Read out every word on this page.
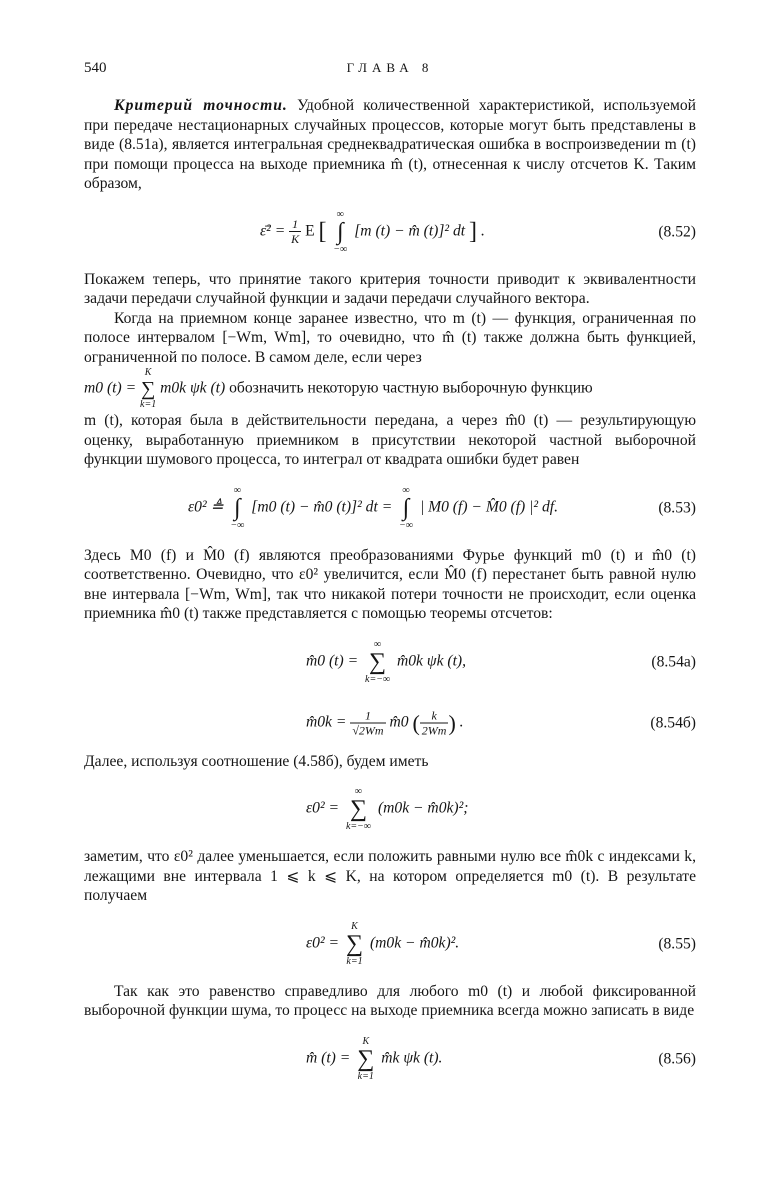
540	ГЛАВА 8

Критерий точности. Удобной количественной характеристикой, используемой при передаче нестационарных случайных процессов, которые могут быть представлены в виде (8.51а), является интегральная среднеквадратическая ошибка в воспроизведении m (t) при помощи процесса на выходе приемника m̂ (t), отнесенная к числу отсчетов K. Таким образом,

ε̄² = $\frac{1}{K}$ E [
∞
∫
−∞
[m (t) − m̂ (t)]² dt ] .	(8.52)

Покажем теперь, что принятие такого критерия точности приводит к эквивалентности задачи передачи случайной функции и задачи передачи случайного вектора.

Когда на приемном конце заранее известно, что m (t) — функция, ограниченная по полосе интервалом [−Wm, Wm], то очевидно, что m̂ (t) также должна быть функцией, ограниченной по полосе. В самом деле, если через

m0 (t) =
K
∑
k=1
m0k ψk (t) обозначить некоторую частную выборочную функцию

m (t), которая была в действительности передана, а через m̂0 (t) — результирующую оценку, выработанную приемником в присутствии некоторой частной выборочной функции шумового процесса, то интеграл от квадрата ошибки будет равен

ε0² ≜
∞
∫
−∞
[m0 (t) − m̂0 (t)]² dt =
∞
∫
−∞
| M0 (f) − M̂0 (f) |² df.	(8.53)

Здесь M0 (f) и M̂0 (f) являются преобразованиями Фурье функций m0 (t) и m̂0 (t) соответственно. Очевидно, что ε0² увеличится, если M̂0 (f) перестанет быть равной нулю вне интервала [−Wm, Wm], так что никакой потери точности не происходит, если оценка приемника m̂0 (t) также представляется с помощью теоремы отсчетов:

m̂0 (t) =
∞
∑
k=−∞
m̂0k ψk (t),	(8.54а)
m̂0k = $\frac{1}{√2Wm}$ m̂0 ( $\frac{k}{2Wm}$ ) .	(8.54б)

Далее, используя соотношение (4.58б), будем иметь

ε0² =
∞
∑
k=−∞
(m0k − m̂0k)²;

заметим, что ε0² далее уменьшается, если положить равными нулю все m̂0k с индексами k, лежащими вне интервала 1 ⩽ k ⩽ K, на котором определяется m0 (t). В результате получаем

ε0² =
K
∑
k=1
(m0k − m̂0k)².	(8.55)

Так как это равенство справедливо для любого m0 (t) и любой фиксированной выборочной функции шума, то процесс на выходе приемника всегда можно записать в виде

m̂ (t) =
K
∑
k=1
m̂k ψk (t).	(8.56)
